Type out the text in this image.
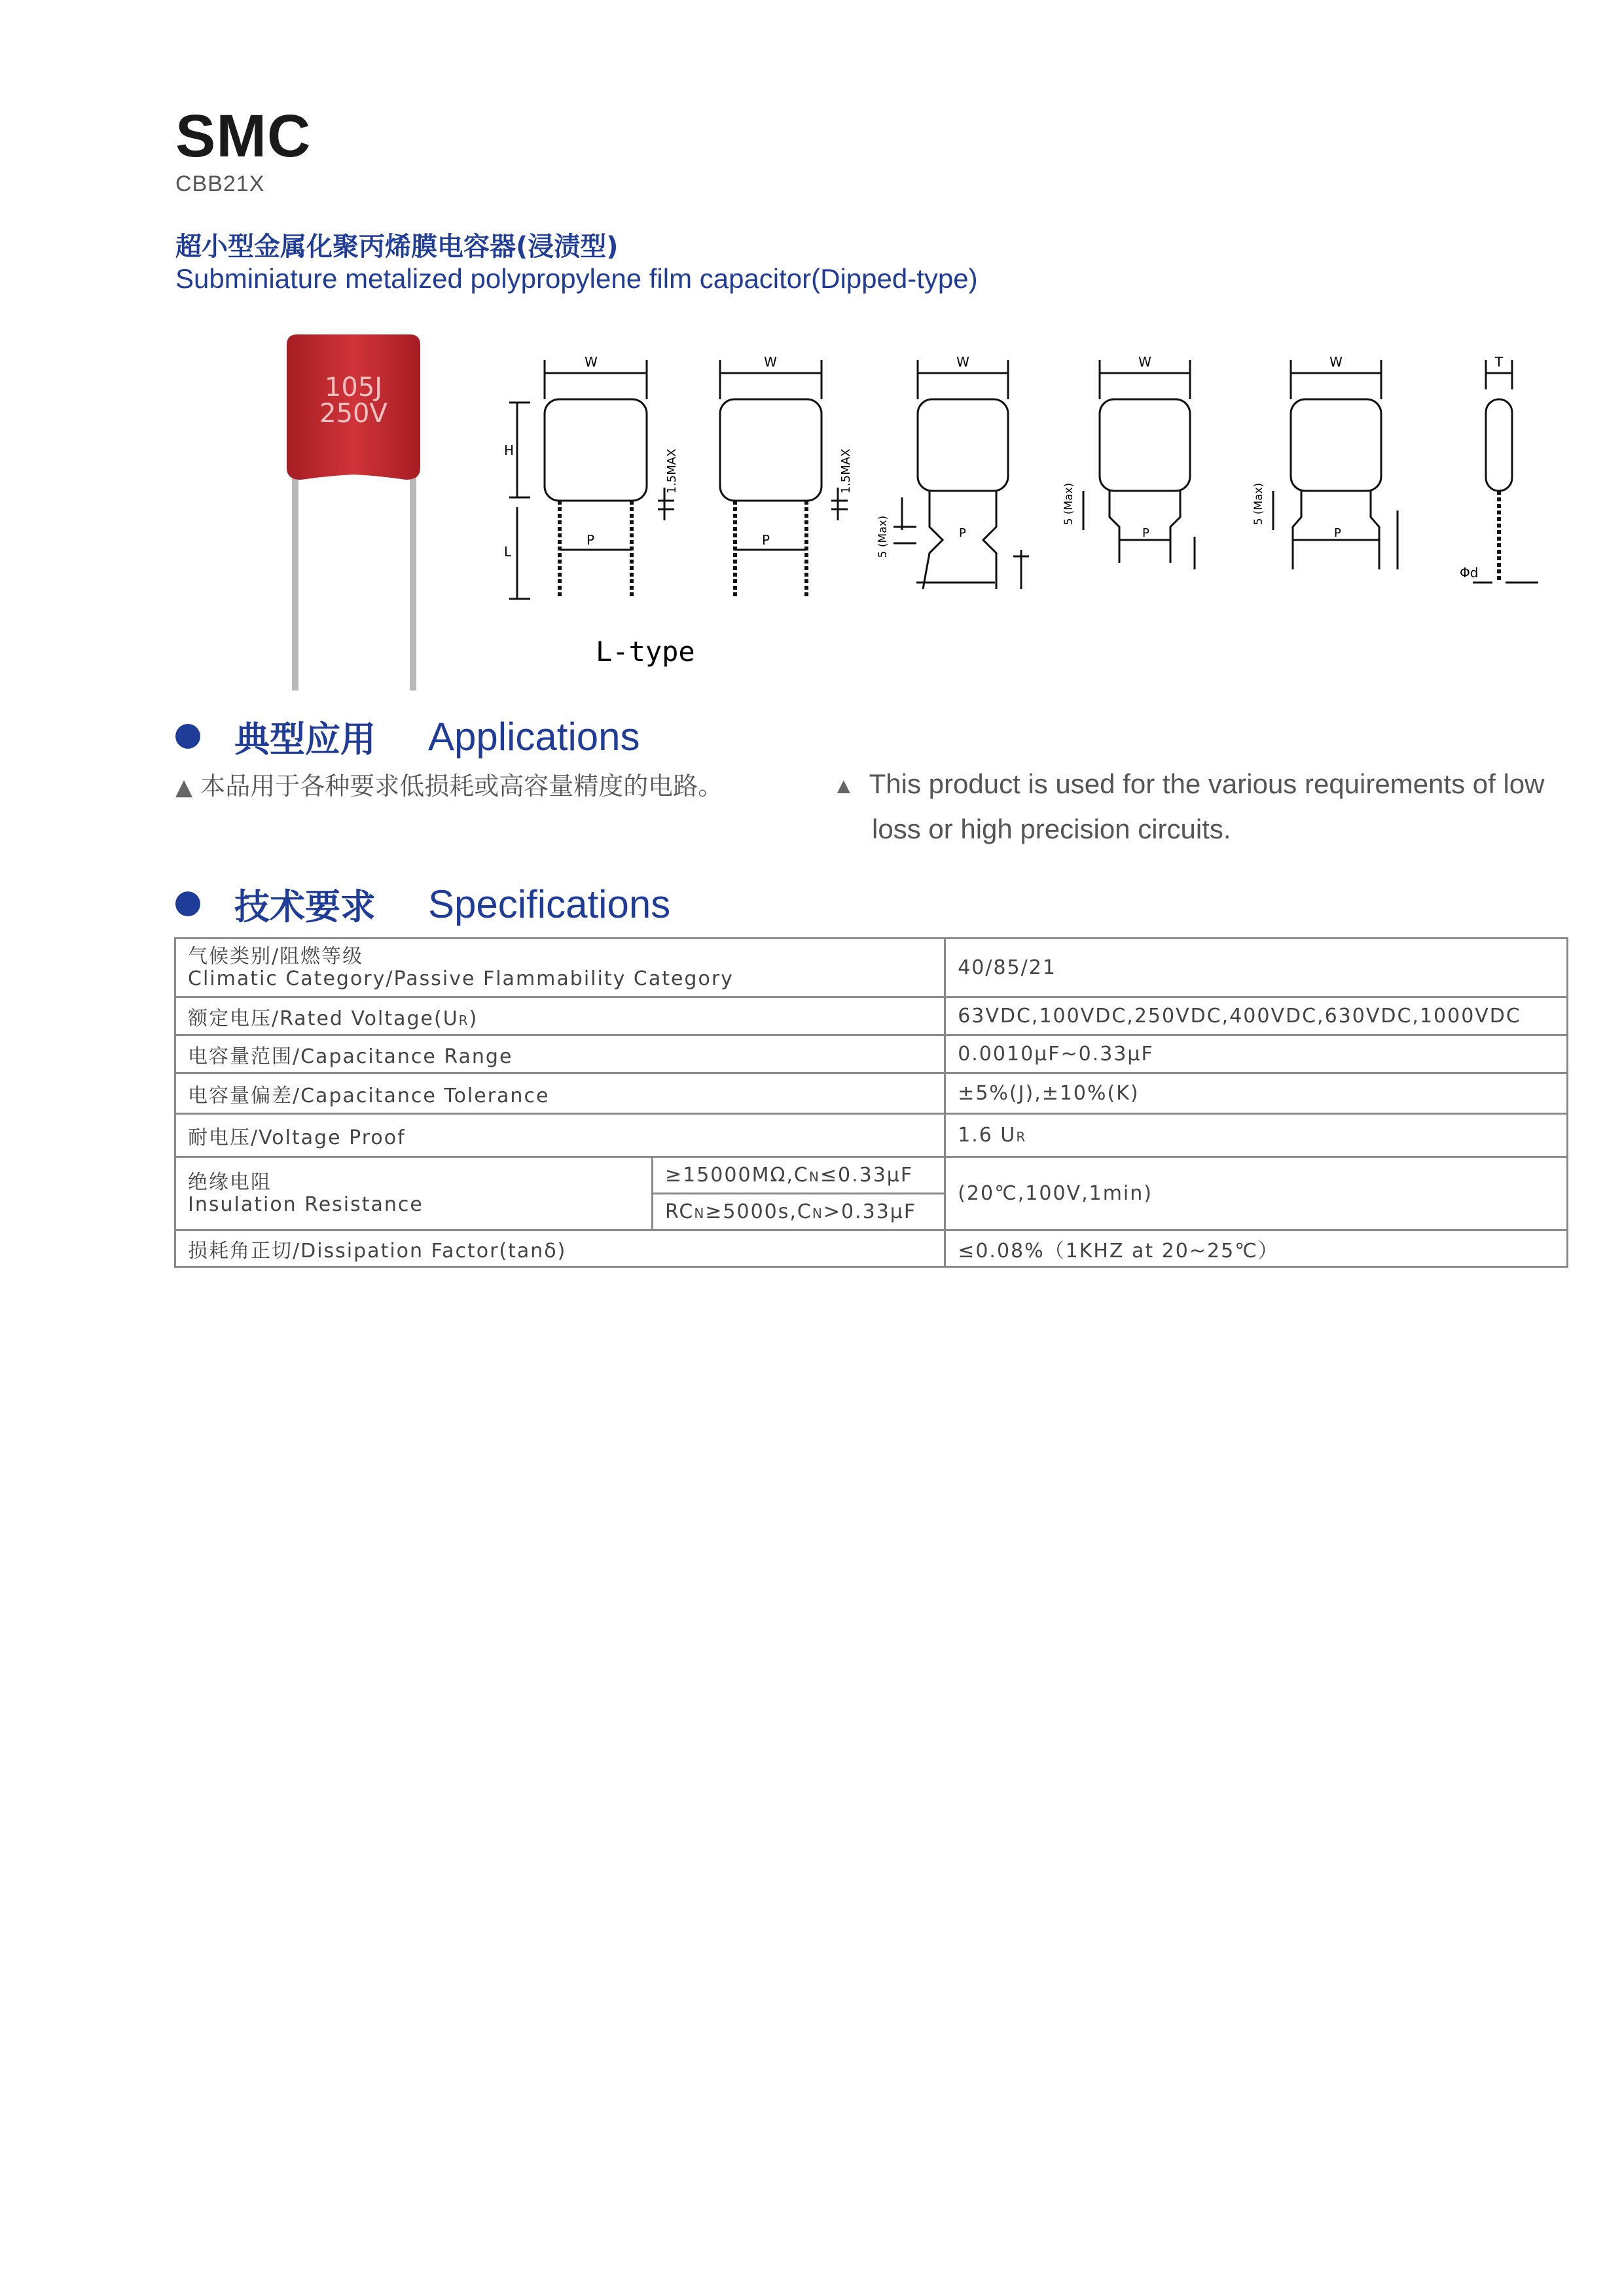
SMC
CBB21X
超小型金属化聚丙烯膜电容器(浸渍型)
Subminiature metalized polypropylene film capacitor(Dipped-type)
105J
250V
W
H
L
P
1.5MAX
W
P
1.5MAX
W
P
5 (Max)
W
P
5 (Max)
W
P
5 (Max)
T
Φd
L-type
典型应用 Applications
▲ 本品用于各种要求低损耗或高容量精度的电路。	▲ This product is used for the various requirements of low
loss or high precision circuits.
技术要求 Specifications
气候类别/阻燃等级
Climatic Category/Passive Flammability Category		40/85/21
额定电压/Rated Voltage(UR)		63VDC,100VDC,250VDC,400VDC,630VDC,1000VDC
电容量范围/Capacitance Range		0.0010μF~0.33μF
电容量偏差/Capacitance Tolerance		±5%(J),±10%(K)
耐电压/Voltage Proof		1.6 UR

绝缘电阻
Insulation Resistance	≥15000MΩ,CN≤0.33μF	(20℃,100V,1min)
	RCN≥5000s,CN>0.33μF	
损耗角正切/Dissipation Factor(tanδ)		≤0.08%（1KHZ at 20~25℃）
